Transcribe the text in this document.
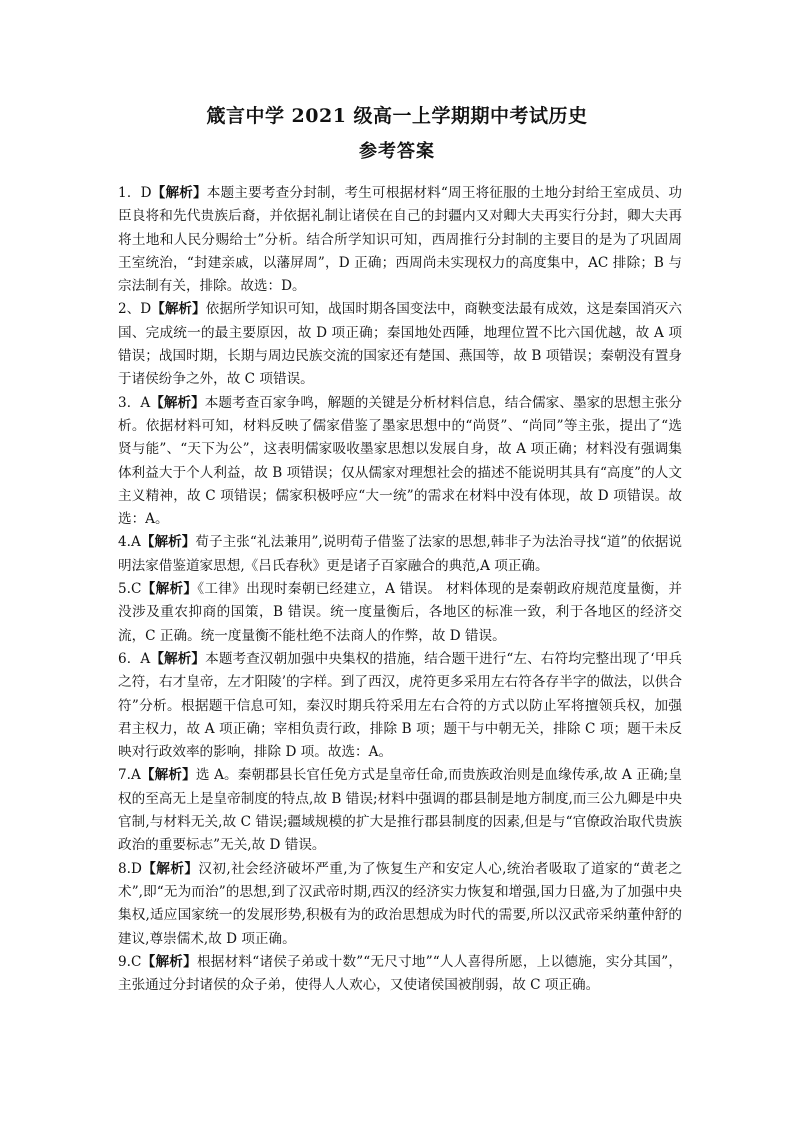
箴言中学 2021 级高一上学期期中考试历史
参考答案

1．D【解析】本题主要考查分封制，考生可根据材料“周王将征服的土地分封给王室成员、功臣良将和先代贵族后裔，并依据礼制让诸侯在自己的封疆内又对卿大夫再实行分封，卿大夫再将土地和人民分赐给士”分析。结合所学知识可知，西周推行分封制的主要目的是为了巩固周王室统治，“封建亲戚，以藩屏周”，D 正确；西周尚未实现权力的高度集中，AC 排除；B 与宗法制有关，排除。故选：D。

2、D【解析】依据所学知识可知，战国时期各国变法中，商鞅变法最有成效，这是秦国消灭六国、完成统一的最主要原因，故 D 项正确；秦国地处西陲，地理位置不比六国优越，故 A 项错误；战国时期，长期与周边民族交流的国家还有楚国、燕国等，故 B 项错误；秦朝没有置身于诸侯纷争之外，故 C 项错误。

3．A【解析】本题考查百家争鸣，解题的关键是分析材料信息，结合儒家、墨家的思想主张分析。依据材料可知，材料反映了儒家借鉴了墨家思想中的“尚贤”、“尚同”等主张，提出了“选贤与能”、“天下为公”，这表明儒家吸收墨家思想以发展自身，故 A 项正确；材料没有强调集体利益大于个人利益，故 B 项错误；仅从儒家对理想社会的描述不能说明其具有“高度”的人文主义精神，故 C 项错误；儒家积极呼应“大一统”的需求在材料中没有体现，故 D 项错误。故选：A。

4.A【解析】荀子主张“礼法兼用”,说明荀子借鉴了法家的思想,韩非子为法治寻找“道”的依据说明法家借鉴道家思想,《吕氏春秋》更是诸子百家融合的典范,A 项正确。

5.C【解析】《工律》出现时秦朝已经建立，A 错误。 材料体现的是秦朝政府规范度量衡，并没涉及重农抑商的国策，B 错误。统一度量衡后，各地区的标准一致，利于各地区的经济交流，C 正确。统一度量衡不能杜绝不法商人的作弊，故 D 错误。

6．A【解析】本题考查汉朝加强中央集权的措施，结合题干进行“左、右符均完整出现了‘甲兵之符，右才皇帝，左才阳陵’的字样。到了西汉，虎符更多采用左右符各存半字的做法，以供合符”分析。根据题干信息可知，秦汉时期兵符采用左右合符的方式以防止军将擅领兵权，加强君主权力，故 A 项正确；宰相负责行政，排除 B 项；题干与中朝无关，排除 C 项；题干未反映对行政效率的影响，排除 D 项。故选：A。

7.A【解析】选 A。秦朝郡县长官任免方式是皇帝任命,而贵族政治则是血缘传承,故 A 正确;皇权的至高无上是皇帝制度的特点,故 B 错误;材料中强调的郡县制是地方制度,而三公九卿是中央官制,与材料无关,故 C 错误;疆域规模的扩大是推行郡县制度的因素,但是与“官僚政治取代贵族政治的重要标志”无关,故 D 错误。

8.D【解析】汉初,社会经济破坏严重,为了恢复生产和安定人心,统治者吸取了道家的“黄老之术”,即“无为而治”的思想,到了汉武帝时期,西汉的经济实力恢复和增强,国力日盛,为了加强中央集权,适应国家统一的发展形势,积极有为的政治思想成为时代的需要,所以汉武帝采纳董仲舒的建议,尊崇儒术,故 D 项正确。

9.C【解析】根据材料“诸侯子弟或十数”“无尺寸地”“人人喜得所愿，上以德施，实分其国”，主张通过分封诸侯的众子弟，使得人人欢心，又使诸侯国被削弱，故 C 项正确。
